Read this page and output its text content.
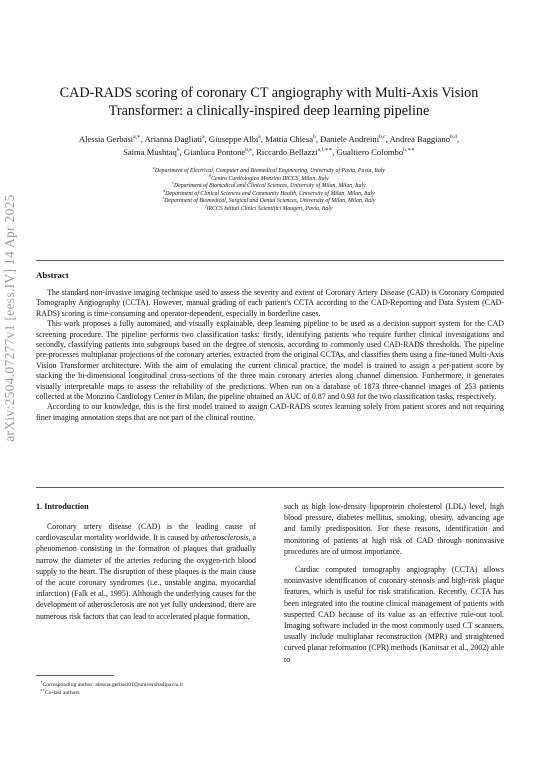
arXiv:2504.07277v1 [eess.IV] 14 Apr 2025
CAD-RADS scoring of coronary CT angiography with Multi-Axis Vision
Transformer: a clinically-inspired deep learning pipeline
Alessia Gerbasi$^{a,∗}$, Arianna Dagliati$^a$, Giuseppe Albi$^a$, Mattia Chiesa$^b$, Daniele Andreini$^{b,c}$, Andrea Baggiano$^{b,d}$,
Saima Mushtaq$^b$, Gianluca Pontone$^{b,e}$, Riccardo Bellazzi$^{a,f,∗∗}$, Gualtiero Colombo$^{b,∗∗}$
$^a$Department of Electrical, Computer and Biomedical Engineering, University of Pavia, Pavia, Italy
$^b$Centro Cardiologico Monzino IRCCS, Milan, Italy
$^c$Department of Biomedical and Clinical Sciences, University of Milan, Milan, Italy
$^d$Department of Clinical Sciences and Community Health, University of Milan, Milan, Italy
$^e$Department of Biomedical, Surgical and Dental Sciences, University of Milan, Milan, Italy
$^f$IRCCS Istituti Clinici Scientifici Maugeri, Pavia, Italy
Abstract

The standard non-invasive imaging technique used to assess the severity and extent of Coronary Artery Disease (CAD) is Coronary Computed Tomography Angiography (CCTA). However, manual grading of each patient's CCTA according to the CAD-Reporting and Data System (CAD-RADS) scoring is time-consuming and operator-dependent, especially in borderline cases.

This work proposes a fully automated, and visually explainable, deep learning pipeline to be used as a decision support system for the CAD screening procedure. The pipeline performs two classification tasks: firstly, identifying patients who require further clinical investigations and secondly, classifying patients into subgroups based on the degree of stenosis, according to commonly used CAD-RADS thresholds. The pipeline pre-processes multiplanar projections of the coronary arteries, extracted from the original CCTAs, and classifies them using a fine-tuned Multi-Axis Vision Transformer architecture. With the aim of emulating the current clinical practice, the model is trained to assign a per-patient score by stacking the bi-dimensional longitudinal cross-sections of the three main coronary arteries along channel dimension. Furthermore, it generates visually interpretable maps to assess the reliability of the predictions. When run on a database of 1873 three-channel images of 253 patients collected at the Monzino Cardiology Center in Milan, the pipeline obtained an AUC of 0.87 and 0.93 for the two classification tasks, respectively.

According to our knowledge, this is the first model trained to assign CAD-RADS scores learning solely from patient scores and not requiring finer imaging annotation steps that are not part of the clinical routine.

1. Introduction

Coronary artery disease (CAD) is the leading cause of cardiovascular mortality worldwide. It is caused by atherosclerosis, a phenomenon consisting in the formation of plaques that gradually narrow the diameter of the arteries reducing the oxygen-rich blood supply to the heart. The disruption of these plaques is the main cause of the acute coronary syndromes (i.e., unstable angina, myocardial infarction) (Falk et al., 1995). Although the underlying causes for the development of atherosclerosis are not yet fully understood, there are numerous risk factors that can lead to accelerated plaque formation,

such as high low-density lipoprotein cholesterol (LDL) level, high blood pressure, diabetes mellitus, smoking, obesity, advancing age and family predisposition. For these reasons, identification and monitoring of patients at high risk of CAD through noninvasive procedures are of utmost importance.

Cardiac computed tomography angiography (CCTA) allows noninvasive identification of coronary stenosis and high-risk plaque features, which is useful for risk stratification. Recently, CCTA has been integrated into the routine clinical management of patients with suspected CAD because of its value as an effective rule-out tool. Imaging software included in the most commonly used CT scanners, usually include multiplanar reconstruction (MPR) and straightened curved planar reformation (CPR) methods (Kanitsar et al., 2002) able to

∗Corresponding author: alessia.gerbasi01@universitadipavia.it
∗∗Co-last authors
